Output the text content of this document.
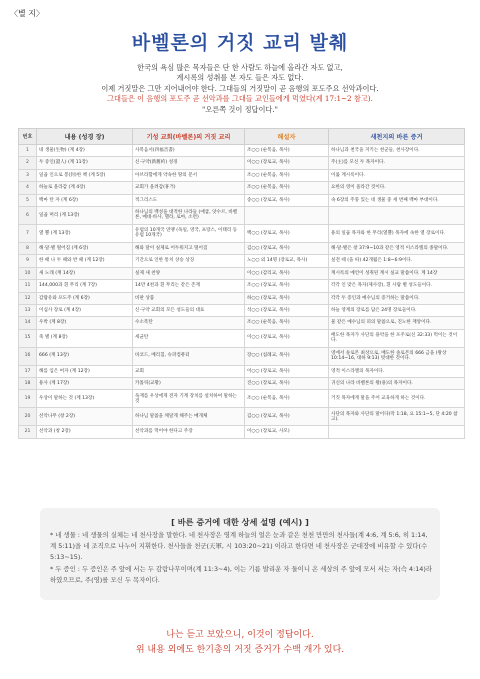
〈별 지〉
바벨론의 거짓 교리 발췌
한국의 욕심 많은 목자들은 단 한 사람도 하늘에 올라간 자도 없고,
계시록의 성취를 본 자도 들은 자도 없다.
이제 거짓말은 그만 지어내어야 한다. 그대들의 거짓말이 곧 음행의 포도주요 선악과이다.
그대들은 이 음행의 포도주 곧 선악과를 그대들 교인들에게 먹였다(계 17:1~2 참고).
"오른쪽 것이 정답이다."
번호	내용 (성경 장)	기성 교회(바벨론)의 거짓 교리	해설자	새천지의 바른 증거
1	네 생물(生物) (계 4장)	사복음서(四福音書)	조○○ (순복음, 목사)	하나님과 천국을 지키는 천군들, 천사장이다.
2	두 증인(證人) (계 11장)	신·구약(新舊約) 성경	이○○ (장로교, 목사)	주(主)를 모신 두 목자이다.
3	일곱 인으로 봉(封)한 책 (계 5장)	아브라함에게 약속한 땅의 문서	조○○ (순복음, 목사)	이룰 계시록이다.
4	하늘로 올라감 (계 4장)	교회가 올려감(휴거)	조○○ (순복음, 목사)	요한의 영이 올라간 것이다.
5	백마 탄 자 (계 6장)	적그리스도	송○○ (장로교, 목사)	속 6장의 주풍 있는 네 생물 중 세 번째 백마 부대이다.
6	일곱 머리 (계 13장)	하나님의 백성을 대적한 나라들 (애굽, 앗수르, 바벨론, 메대·바사, 헬라, 로마, 소련)		
7	열 뿔 (계 13장)	유럽의 10개국 연맹 (독일, 영국, 프랑스, 이태리 등 유럽 10개국)	백○○ (장로교, 목사)	용의 일곱 목자와 한 무리(열뿔) 목자에 속한 열 장로이다.
8	해·달·별 떨어짐 (계 6장)	해와 달이 실제로 어두워지고 떨어짐	김○○ (장로교, 목사)	해·달·별은 창 37:9~10과 같은 영적 이스라엘의 종말이다.
9	한 때 나 두 때와 반 때 (계 12장)	기간으로 인한 통치 상승 상징	노○○ 외 14명 (장로교, 목사)	실전 떼 (을 따) 42개월은 1:8~6:9이다.
10	새 노래 (계 14장)	실제 새 찬양	이○○ (감리교, 목사)	계시록의 예언이 성취된 계시 실교 말씀이다. 계 14장
11	144,000과 흰 무리 (계 7장)	14만 4천과 흰 무리는 같은 존재	조○○ (장로교, 목사)	각각 인 맞은 목자(제사장), 흰 사람 별 성도들이다.
12	감람유와 포도주 (계 6장)	비판 상품	하○○ (장로교, 목사)	각각 두 증인과 예수님의 증거하는 말씀이다.
13	이십사 장로 (계 4장)	신·구약 교회의 모든 성도들의 대표	석○○ (장로교, 목사)	하늘 영계의 장로를 담은 24명 장로들이다.
14	우박 (계 8장)	수소폭탄	조○○ (순복음, 목사)	물 같은 예수님의 피의 말씀으로, 진노한 재앙이다.
15	죽 별 (계 8장)	세균탄	이○○ (장로교, 목사)	배도한 목자가 사단의 용약을 한 포주로(신 32:33) 먹이는 것이다.
16	666 (계 13장)	바코드, 베리칩, 슈퍼컴퓨터	장○○ (침례교, 목사)	영에서 솔로몬 최상으로, 배도한 솔로몬의 666 금을 (왕상 10:14~16, 대하 9:13) 빗대한 것이다.
17	해를 입은 여자 (계 12장)	교회	이○○ (장로교, 목사)	영적 이스라엘의 목자이다.
18	용사 (계 17장)	카톨릭(교황)	진○○ (장로교, 목사)	귀신의 나라 바벨론의 왕(용)의 목자이다.
19	우상이 말하는 것 (계 13장)	독재를 우상에게 전자 기계 장치를 설치하여 말하는 것	조○○ (순복음, 목사)	거짓 목자에게 말을 주어 교육하게 하는 것이다.
20	선악나무 (창 2장)	하나님 말씀을 깨달게 해주는 매개체	김○○ (장로교, 목사)	사단의 목자와 사단의 말이다(막 1:18, 요 15:1~5, 단 4:20 참고).
21	선악과 (창 2장)	선악과를 먹어야 한다고 주장	이○○ (장로교, 사모)	
[ 바른 증거에 대한 상세 설명 (예시) ]
* 네 생물 : 네 생물의 실체는 네 천사장을 말한다. 네 천사장은 영계 하늘의 얼은 눈과 같은 천천 만만의 천사들(계 4:6, 계 5:6, 히 1:14, 계 5:11)을 네 조직으로 나누어 지휘한다. 천사들을 천군(天軍, 시 103:20~21) 이라고 한다면 네 천사장은 군대장에 비유할 수 있다(수 5:13~15).
* 두 증인 : 두 증인은 주 앞에 서는 두 감람나무이며(계 11:3~4), 이는 기름 발리운 자 둘이니 온 세상의 주 앞에 모서 서는 자(슥 4:14)라 하였으므로, 주(영)를 모신 두 목자이다.
나는 듣고 보았으니, 이것이 정답이다.
위 내용 외에도 한기총의 거짓 증거가 수백 개가 있다.
